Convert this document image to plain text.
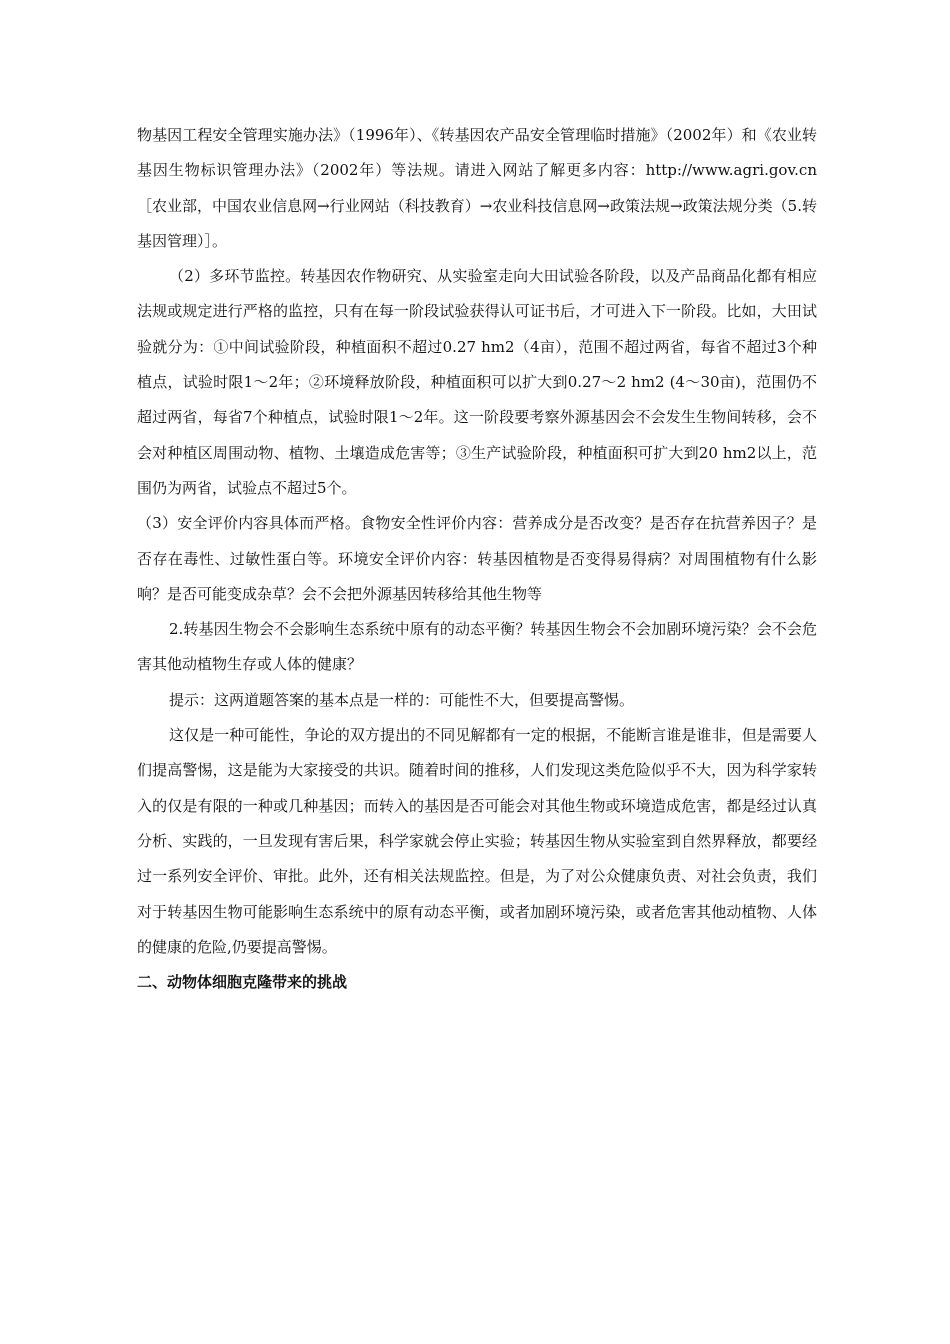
物基因工程安全管理实施办法》（1996年）、《转基因农产品安全管理临时措施》（2002年）和《农业转基因生物标识管理办法》（2002年）等法规。请进入网站了解更多内容：http://www.agri.gov.cn ［农业部，中国农业信息网→行业网站（科技教育）→农业科技信息网→政策法规→政策法规分类（5.转基因管理）］。

（2）多环节监控。转基因农作物研究、从实验室走向大田试验各阶段，以及产品商品化都有相应法规或规定进行严格的监控，只有在每一阶段试验获得认可证书后，才可进入下一阶段。比如，大田试验就分为：①中间试验阶段，种植面积不超过0.27 hm2（4亩），范围不超过两省，每省不超过3个种植点，试验时限1～2年；②环境释放阶段，种植面积可以扩大到0.27～2 hm2 (4～30亩)，范围仍不超过两省，每省7个种植点，试验时限1～2年。这一阶段要考察外源基因会不会发生生物间转移，会不会对种植区周围动物、植物、土壤造成危害等；③生产试验阶段，种植面积可扩大到20 hm2以上，范围仍为两省，试验点不超过5个。

（3）安全评价内容具体而严格。食物安全性评价内容：营养成分是否改变？是否存在抗营养因子？是否存在毒性、过敏性蛋白等。环境安全评价内容：转基因植物是否变得易得病？对周围植物有什么影响？是否可能变成杂草？会不会把外源基因转移给其他生物等

2.转基因生物会不会影响生态系统中原有的动态平衡？转基因生物会不会加剧环境污染？会不会危害其他动植物生存或人体的健康？

提示：这两道题答案的基本点是一样的：可能性不大，但要提高警惕。

这仅是一种可能性，争论的双方提出的不同见解都有一定的根据，不能断言谁是谁非，但是需要人们提高警惕，这是能为大家接受的共识。随着时间的推移，人们发现这类危险似乎不大，因为科学家转入的仅是有限的一种或几种基因；而转入的基因是否可能会对其他生物或环境造成危害，都是经过认真分析、实践的，一旦发现有害后果，科学家就会停止实验；转基因生物从实验室到自然界释放，都要经过一系列安全评价、审批。此外，还有相关法规监控。但是，为了对公众健康负责、对社会负责，我们对于转基因生物可能影响生态系统中的原有动态平衡，或者加剧环境污染，或者危害其他动植物、人体的健康的危险,仍要提高警惕。

二、动物体细胞克隆带来的挑战
